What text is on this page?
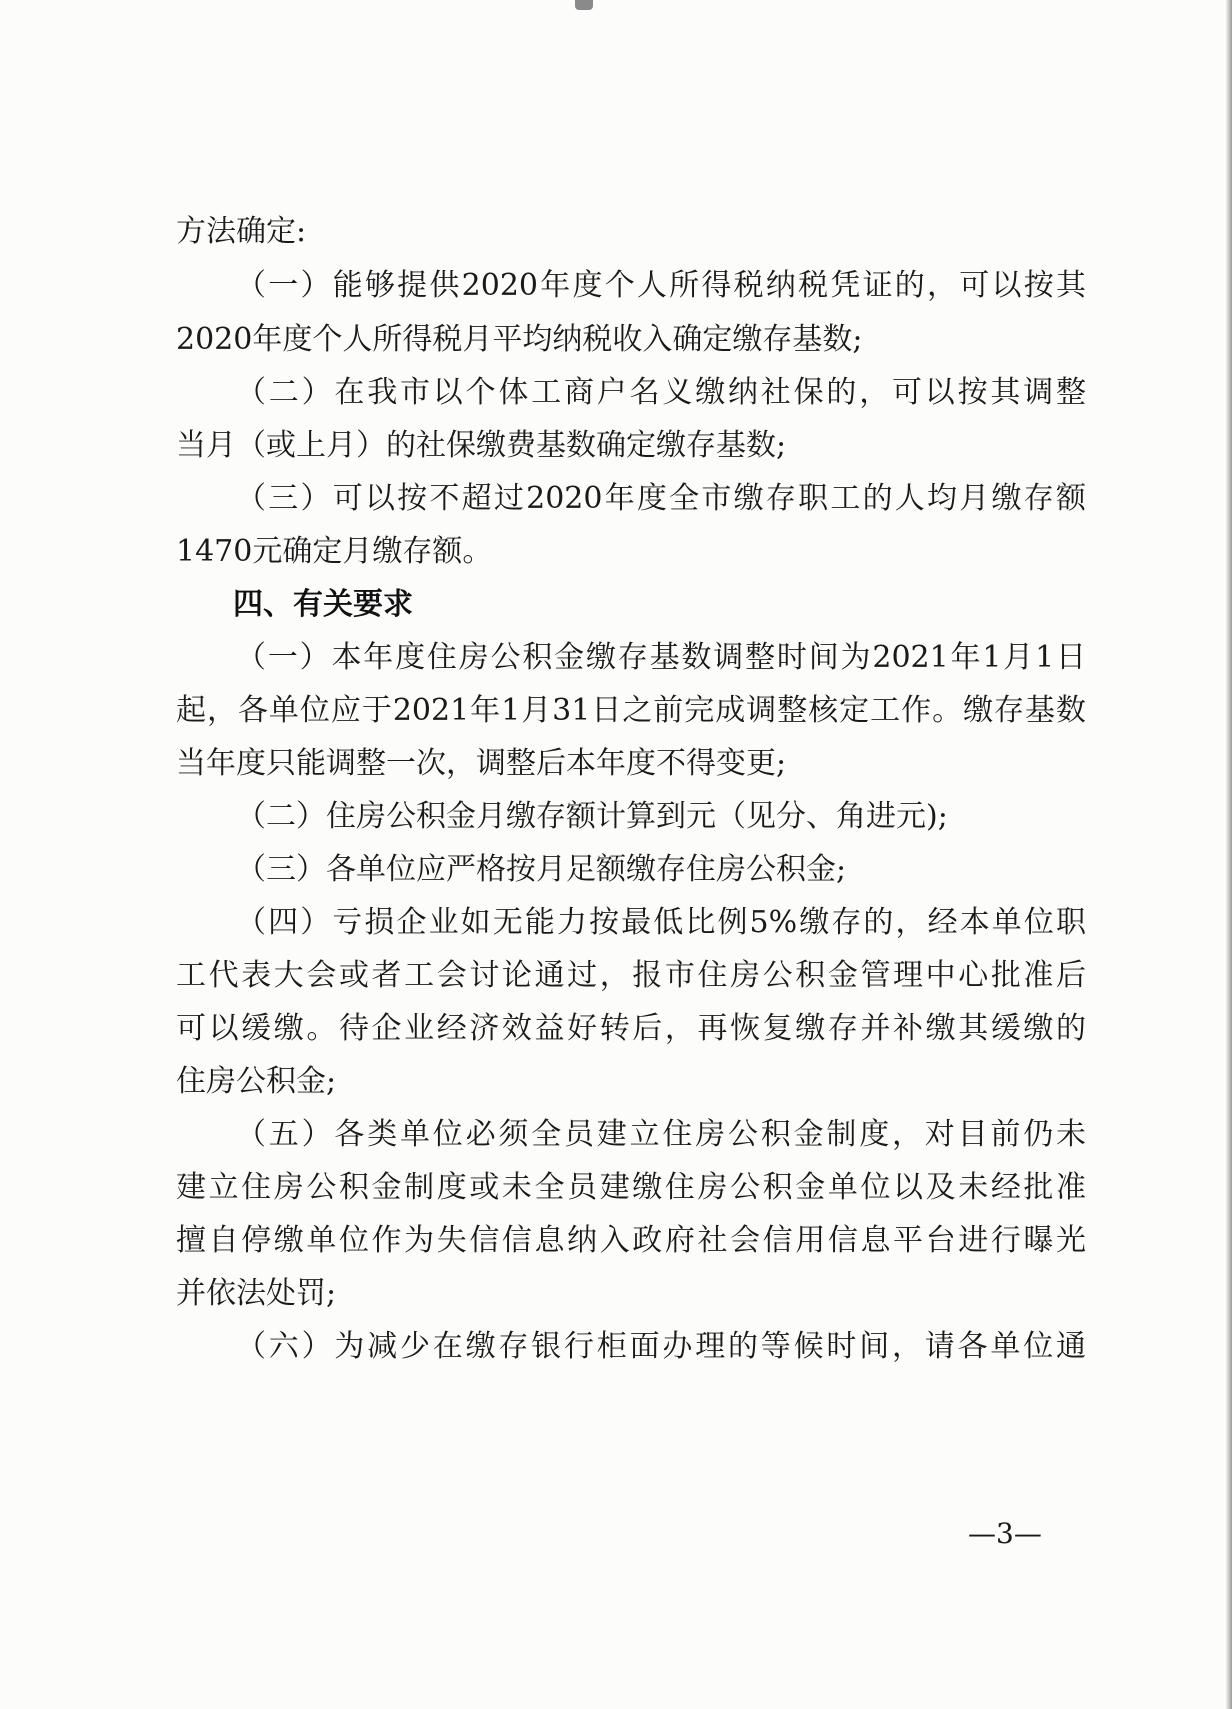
方法确定:
（一）能够提供2020年度个人所得税纳税凭证的，可以按其
2020年度个人所得税月平均纳税收入确定缴存基数;
（二）在我市以个体工商户名义缴纳社保的，可以按其调整
当月（或上月）的社保缴费基数确定缴存基数;
（三）可以按不超过2020年度全市缴存职工的人均月缴存额
1470元确定月缴存额。
四、有关要求
（一）本年度住房公积金缴存基数调整时间为2021年1月1日
起，各单位应于2021年1月31日之前完成调整核定工作。缴存基数
当年度只能调整一次，调整后本年度不得变更;
（二）住房公积金月缴存额计算到元（见分、角进元);
（三）各单位应严格按月足额缴存住房公积金;
（四）亏损企业如无能力按最低比例5%缴存的，经本单位职
工代表大会或者工会讨论通过，报市住房公积金管理中心批准后
可以缓缴。待企业经济效益好转后，再恢复缴存并补缴其缓缴的
住房公积金;
（五）各类单位必须全员建立住房公积金制度，对目前仍未
建立住房公积金制度或未全员建缴住房公积金单位以及未经批准
擅自停缴单位作为失信信息纳入政府社会信用信息平台进行曝光
并依法处罚;
（六）为减少在缴存银行柜面办理的等候时间，请各单位通
—3—
